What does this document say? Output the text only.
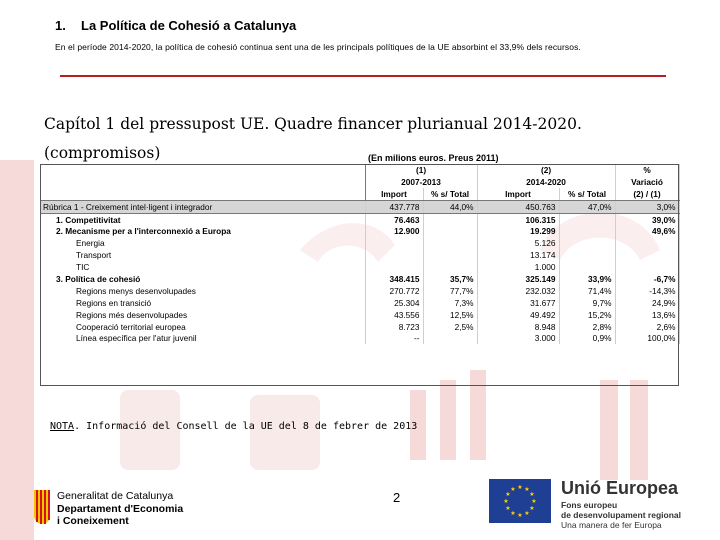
1. La Política de Cohesió a Catalunya
En el període 2014-2020, la política de cohesió continua sent una de les principals polítiques de la UE absorbint el 33,9% dels recursos.
Capítol 1 del pressupost UE. Quadre financer plurianual 2014-2020. (compromisos)	(En milions euros. Preus 2011)
	(1)		(2)		%
	2007-2013		2014-2020		Variació
	Import	% s/ Total	Import	% s/ Total	(2) / (1)
Rúbrica 1 - Creixement intel·ligent i integrador	437.778	44,0%	450.763	47,0%	3,0%
1. Competitivitat	76.463		106.315		39,0%
2. Mecanisme per a l'interconnexió a Europa	12.900		19.299		49,6%
Energia			5.126		
Transport			13.174		
TIC			1.000		
3. Política de cohesió	348.415	35,7%	325.149	33,9%	-6,7%
Regions menys desenvolupades	270.772	77,7%	232.032	71,4%	-14,3%
Regions en transició	25.304	7,3%	31.677	9,7%	24,9%
Regions més desenvolupades	43.556	12,5%	49.492	15,2%	13,6%
Cooperació territorial europea	8.723	2,5%	8.948	2,8%	2,6%
Línea específica per l'atur juvenil	--		3.000	0,9%	100,0%
NOTA. Informació del Consell de la UE del 8 de febrer de 2013
2
Generalitat de Catalunya
Departament d'Economia
i Coneixement
★ ★
★
★
★
★
★
★
★
★
★
★	Unió Europea
Fons europeu
de desenvolupament regional
Una manera de fer Europa
